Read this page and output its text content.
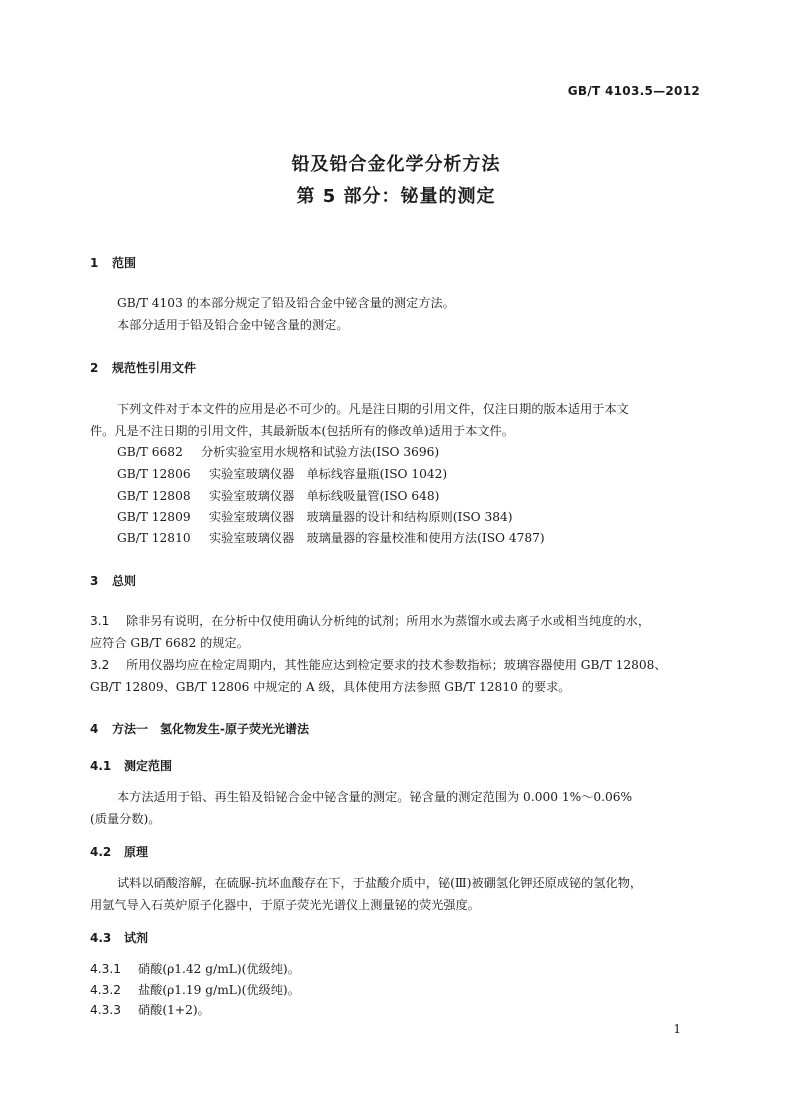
GB/T 4103.5—2012
铅及铅合金化学分析方法
第 5 部分：铋量的测定
1 范围
GB/T 4103 的本部分规定了铅及铅合金中铋含量的测定方法。
本部分适用于铅及铅合金中铋含量的测定。
2 规范性引用文件
下列文件对于本文件的应用是必不可少的。凡是注日期的引用文件，仅注日期的版本适用于本文
件。凡是不注日期的引用文件，其最新版本(包括所有的修改单)适用于本文件。
GB/T 6682 分析实验室用水规格和试验方法(ISO 3696)
GB/T 12806 实验室玻璃仪器　单标线容量瓶(ISO 1042)
GB/T 12808 实验室玻璃仪器　单标线吸量管(ISO 648)
GB/T 12809 实验室玻璃仪器　玻璃量器的设计和结构原则(ISO 384)
GB/T 12810 实验室玻璃仪器　玻璃量器的容量校准和使用方法(ISO 4787)
3 总则
3.1 除非另有说明，在分析中仅使用确认分析纯的试剂；所用水为蒸馏水或去离子水或相当纯度的水，
应符合 GB/T 6682 的规定。
3.2 所用仪器均应在检定周期内，其性能应达到检定要求的技术参数指标；玻璃容器使用 GB/T 12808、
GB/T 12809、GB/T 12806 中规定的 A 级，具体使用方法参照 GB/T 12810 的要求。
4 方法一　氢化物发生-原子荧光光谱法
4.1 测定范围
本方法适用于铅、再生铅及铅铋合金中铋含量的测定。铋含量的测定范围为 0.000 1%～0.06%
(质量分数)。
4.2 原理
试料以硝酸溶解，在硫脲-抗坏血酸存在下，于盐酸介质中，铋(Ⅲ)被硼氢化钾还原成铋的氢化物，
用氩气导入石英炉原子化器中，于原子荧光光谱仪上测量铋的荧光强度。
4.3 试剂
4.3.1 硝酸(ρ1.42 g/mL)(优级纯)。
4.3.2 盐酸(ρ1.19 g/mL)(优级纯)。
4.3.3 硝酸(1+2)。
1
